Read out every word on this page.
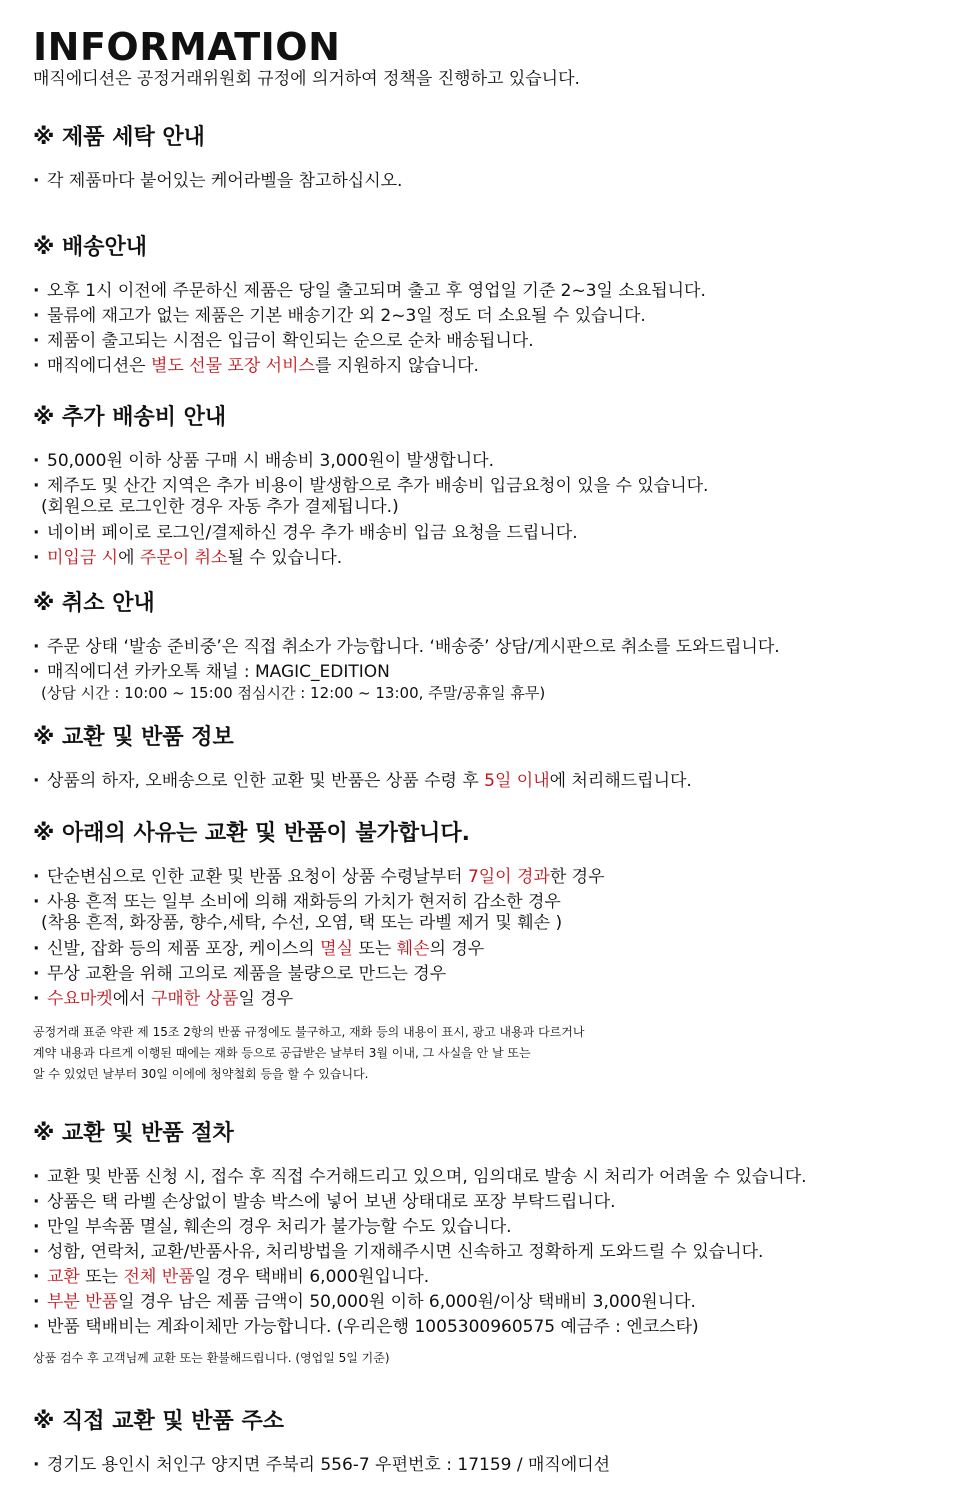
INFORMATION
매직에디션은 공정거래위원회 규정에 의거하여 정책을 진행하고 있습니다.
※ 제품 세탁 안내
· 각 제품마다 붙어있는 케어라벨을 참고하십시오.
※ 배송안내
· 오후 1시 이전에 주문하신 제품은 당일 출고되며 출고 후 영업일 기준 2~3일 소요됩니다.
· 물류에 재고가 없는 제품은 기본 배송기간 외 2~3일 정도 더 소요될 수 있습니다.
· 제품이 출고되는 시점은 입금이 확인되는 순으로 순차 배송됩니다.
· 매직에디션은 별도 선물 포장 서비스를 지원하지 않습니다.
※ 추가 배송비 안내
· 50,000원 이하 상품 구매 시 배송비 3,000원이 발생합니다.
· 제주도 및 산간 지역은 추가 비용이 발생함으로 추가 배송비 입금요청이 있을 수 있습니다.
(회원으로 로그인한 경우 자동 추가 결제됩니다.)
· 네이버 페이로 로그인/결제하신 경우 추가 배송비 입금 요청을 드립니다.
· 미입금 시에 주문이 취소될 수 있습니다.
※ 취소 안내
· 주문 상태 ‘발송 준비중’은 직접 취소가 가능합니다. ‘배송중’ 상담/게시판으로 취소를 도와드립니다.
· 매직에디션 카카오톡 채널 : MAGIC_EDITION
(상담 시간 : 10:00 ~ 15:00 점심시간 : 12:00 ~ 13:00, 주말/공휴일 휴무)
※ 교환 및 반품 정보
· 상품의 하자, 오배송으로 인한 교환 및 반품은 상품 수령 후 5일 이내에 처리해드립니다.
※ 아래의 사유는 교환 및 반품이 불가합니다.
· 단순변심으로 인한 교환 및 반품 요청이 상품 수령날부터 7일이 경과한 경우
· 사용 흔적 또는 일부 소비에 의해 재화등의 가치가 현저히 감소한 경우
(착용 흔적, 화장품, 향수,세탁, 수선, 오염, 택 또는 라벨 제거 및 훼손 )
· 신발, 잡화 등의 제품 포장, 케이스의 멸실 또는 훼손의 경우
· 무상 교환을 위해 고의로 제품을 불량으로 만드는 경우
· 수요마켓에서 구매한 상품일 경우
공정거래 표준 약관 제 15조 2항의 반품 규정에도 불구하고, 재화 등의 내용이 표시, 광고 내용과 다르거나
계약 내용과 다르게 이행된 때에는 재화 등으로 공급받은 날부터 3월 이내, 그 사실을 안 날 또는
알 수 있었던 날부터 30일 이에에 청약철회 등을 할 수 있습니다.
※ 교환 및 반품 절차
· 교환 및 반품 신청 시, 접수 후 직접 수거해드리고 있으며, 임의대로 발송 시 처리가 어려울 수 있습니다.
· 상품은 택 라벨 손상없이 발송 박스에 넣어 보낸 상태대로 포장 부탁드립니다.
· 만일 부속품 멸실, 훼손의 경우 처리가 불가능할 수도 있습니다.
· 성함, 연락처, 교환/반품사유, 처리방법을 기재해주시면 신속하고 정확하게 도와드릴 수 있습니다.
· 교환 또는 전체 반품일 경우 택배비 6,000원입니다.
· 부분 반품일 경우 남은 제품 금액이 50,000원 이하 6,000원/이상 택배비 3,000원니다.
· 반품 택배비는 계좌이체만 가능합니다. (우리은행 1005300960575 예금주 : 엔코스타)
상품 검수 후 고객님께 교환 또는 환불해드립니다. (영업일 5일 기준)
※ 직접 교환 및 반품 주소
· 경기도 용인시 처인구 양지면 주북리 556-7 우편번호 : 17159 / 매직에디션
